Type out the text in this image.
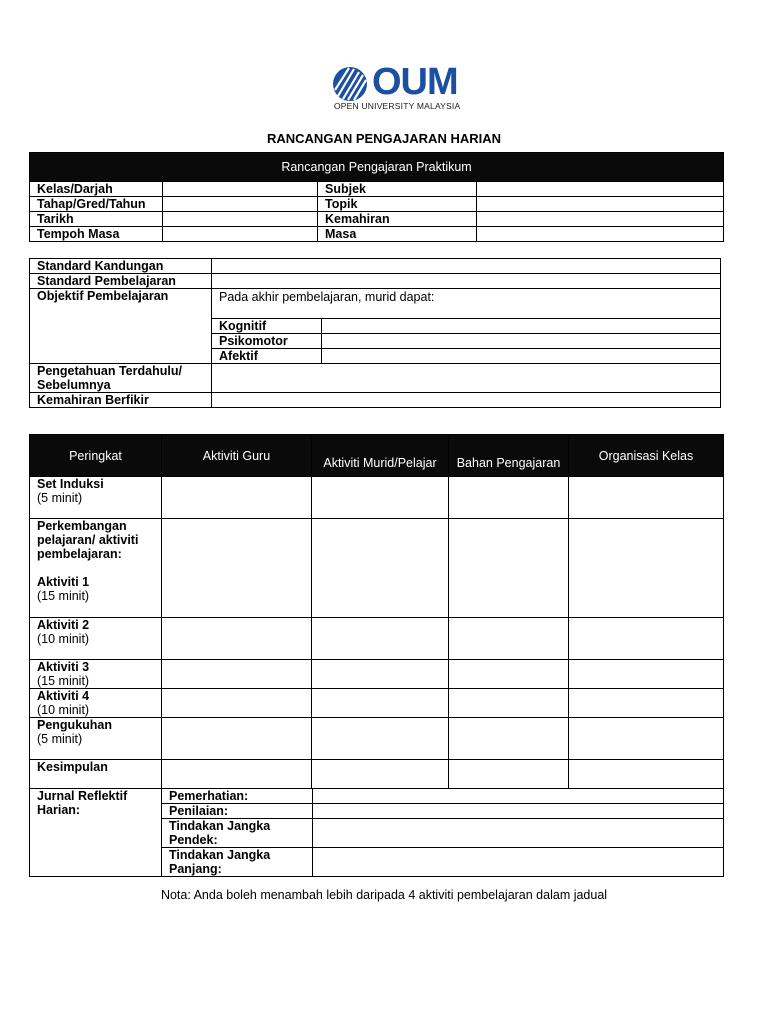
OUM
OPEN UNIVERSITY MALAYSIA
RANCANGAN PENGAJARAN HARIAN
Rancangan Pengajaran Praktikum			
Kelas/Darjah		Subjek	
Tahap/Gred/Tahun		Topik	
Tarikh		Kemahiran	
Tempoh Masa		Masa	
Standard Kandungan	
Standard Pembelajaran	
Objektif Pembelajaran	Pada akhir pembelajaran, murid dapat:
Kognitif	
Psikomotor	
Afektif	

Pengetahuan Terdahulu/ Sebelumnya	
Kemahiran Berfikir	
Peringkat	Aktiviti Guru	Aktiviti Murid/Pelajar	Bahan Pengajaran	Organisasi Kelas

Set Induksi
(5 minit)

Perkembangan pelajaran/ aktiviti pembelajaran:
Aktiviti 1
(15 minit)

Aktiviti 2
(10 minit)

Aktiviti 3
(15 minit)

Aktiviti 4
(10 minit)

Pengukuhan
(5 minit)

Kesimpulan				
Jurnal Reflektif Harian:	
Pemerhatian:	
Penilaian:	
Tindakan Jangka Pendek:	
Tindakan Jangka Panjang:	
Nota: Anda boleh menambah lebih daripada 4 aktiviti pembelajaran dalam jadual
